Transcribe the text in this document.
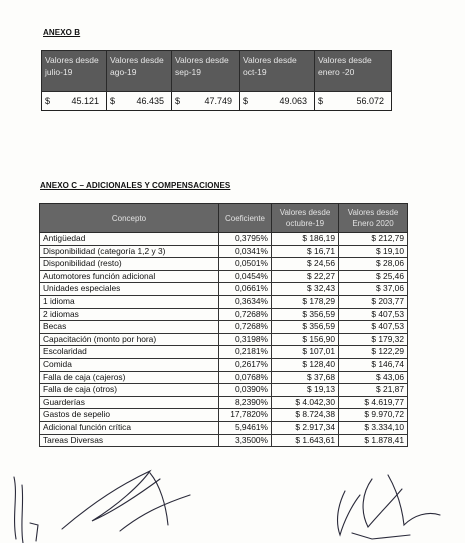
ANEXO B
Valores desde julio-19	Valores desde ago-19	Valores desde sep-19	Valores desde oct-19	Valores desde enero -20

$ 45.121	$ 46.435	$ 47.749	$ 49.063	$ 56.072
ANEXO C – ADICIONALES Y COMPENSACIONES
Concepto	Coeficiente	Valores desde octubre-19	Valores desde Enero 2020
Antigüedad	0,3795%	$ 186,19	$ 212,79
Disponibilidad (categoría 1,2 y 3)	0,0341%	$ 16,71	$ 19,10
Disponibilidad (resto)	0,0501%	$ 24,56	$ 28,06
Automotores función adicional	0,0454%	$ 22,27	$ 25,46
Unidades especiales	0,0661%	$ 32,43	$ 37,06
1 idioma	0,3634%	$ 178,29	$ 203,77
2 idiomas	0,7268%	$ 356,59	$ 407,53
Becas	0,7268%	$ 356,59	$ 407,53
Capacitación (monto por hora)	0,3198%	$ 156,90	$ 179,32
Escolaridad	0,2181%	$ 107,01	$ 122,29
Comida	0,2617%	$ 128,40	$ 146,74
Falla de caja (cajeros)	0,0768%	$ 37,68	$ 43,06
Falla de caja (otros)	0,0390%	$ 19,13	$ 21,87
Guarderías	8,2390%	$ 4.042,30	$ 4.619,77
Gastos de sepelio	17,7820%	$ 8.724,38	$ 9.970,72
Adicional función crítica	5,9461%	$ 2.917,34	$ 3.334,10
Tareas Diversas	3,3500%	$ 1.643,61	$ 1.878,41
